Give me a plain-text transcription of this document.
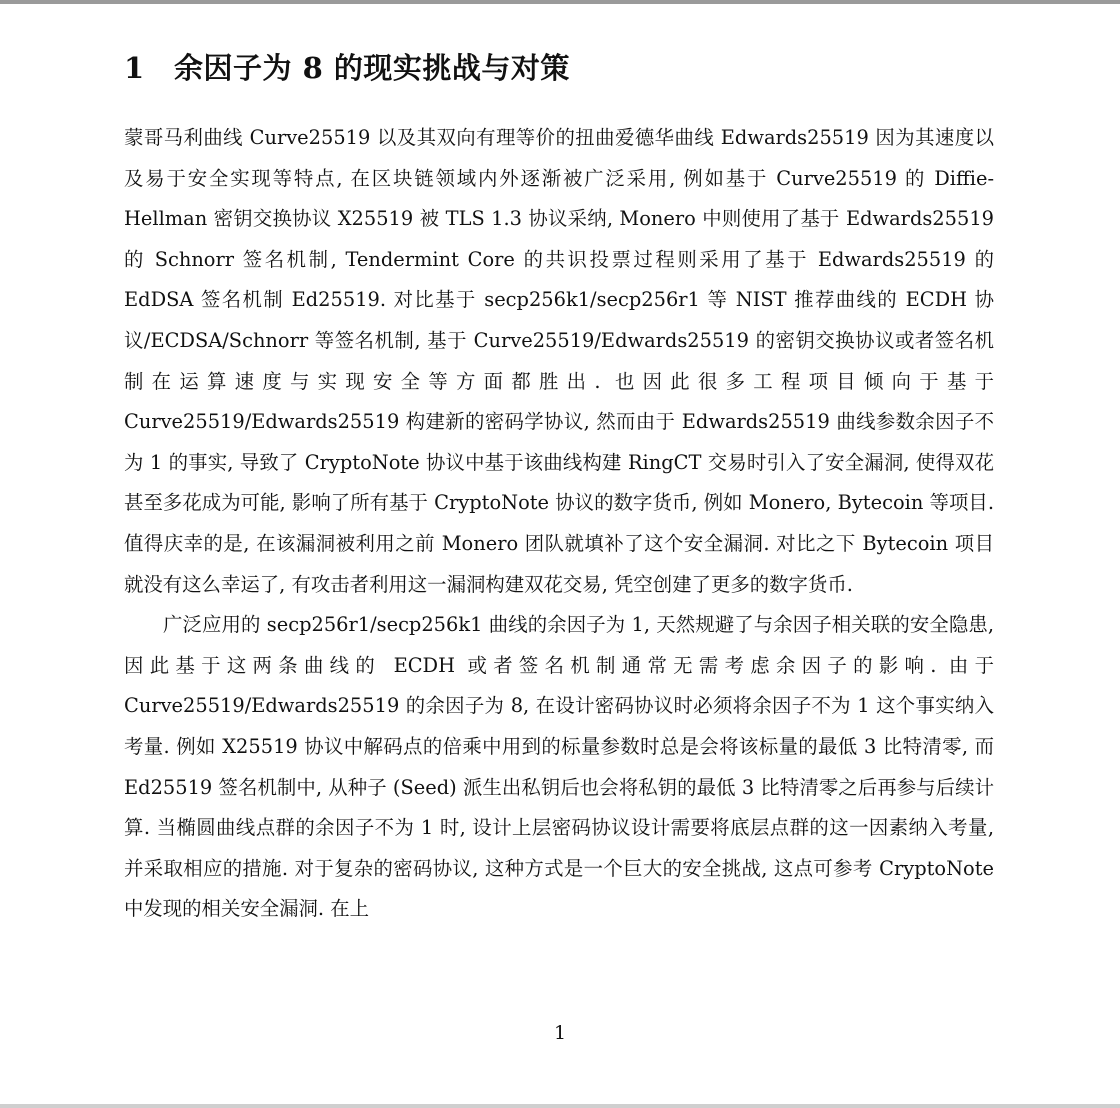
1 余因子为 8 的现实挑战与对策

蒙哥马利曲线 Curve25519 以及其双向有理等价的扭曲爱德华曲线 Edwards25519 因为其速度以及易于安全实现等特点, 在区块链领域内外逐渐被广泛采用, 例如基于 Curve25519 的 Diffie-Hellman 密钥交换协议 X25519 被 TLS 1.3 协议采纳, Monero 中则使用了基于 Edwards25519 的 Schnorr 签名机制, Tendermint Core 的共识投票过程则采用了基于 Edwards25519 的 EdDSA 签名机制 Ed25519. 对比基于 secp256k1/secp256r1 等 NIST 推荐曲线的 ECDH 协议/ECDSA/Schnorr 等签名机制, 基于 Curve25519/Edwards25519 的密钥交换协议或者签名机制在运算速度与实现安全等方面都胜出. 也因此很多工程项目倾向于基于 Curve25519/Edwards25519 构建新的密码学协议, 然而由于 Edwards25519 曲线参数余因子不为 1 的事实, 导致了 CryptoNote 协议中基于该曲线构建 RingCT 交易时引入了安全漏洞, 使得双花甚至多花成为可能, 影响了所有基于 CryptoNote 协议的数字货币, 例如 Monero, Bytecoin 等项目. 值得庆幸的是, 在该漏洞被利用之前 Monero 团队就填补了这个安全漏洞. 对比之下 Bytecoin 项目就没有这么幸运了, 有攻击者利用这一漏洞构建双花交易, 凭空创建了更多的数字货币.

广泛应用的 secp256r1/secp256k1 曲线的余因子为 1, 天然规避了与余因子相关联的安全隐患, 因此基于这两条曲线的 ECDH 或者签名机制通常无需考虑余因子的影响. 由于 Curve25519/Edwards25519 的余因子为 8, 在设计密码协议时必须将余因子不为 1 这个事实纳入考量. 例如 X25519 协议中解码点的倍乘中用到的标量参数时总是会将该标量的最低 3 比特清零, 而 Ed25519 签名机制中, 从种子 (Seed) 派生出私钥后也会将私钥的最低 3 比特清零之后再参与后续计算. 当椭圆曲线点群的余因子不为 1 时, 设计上层密码协议设计需要将底层点群的这一因素纳入考量, 并采取相应的措施. 对于复杂的密码协议, 这种方式是一个巨大的安全挑战, 这点可参考 CryptoNote 中发现的相关安全漏洞. 在上

1
